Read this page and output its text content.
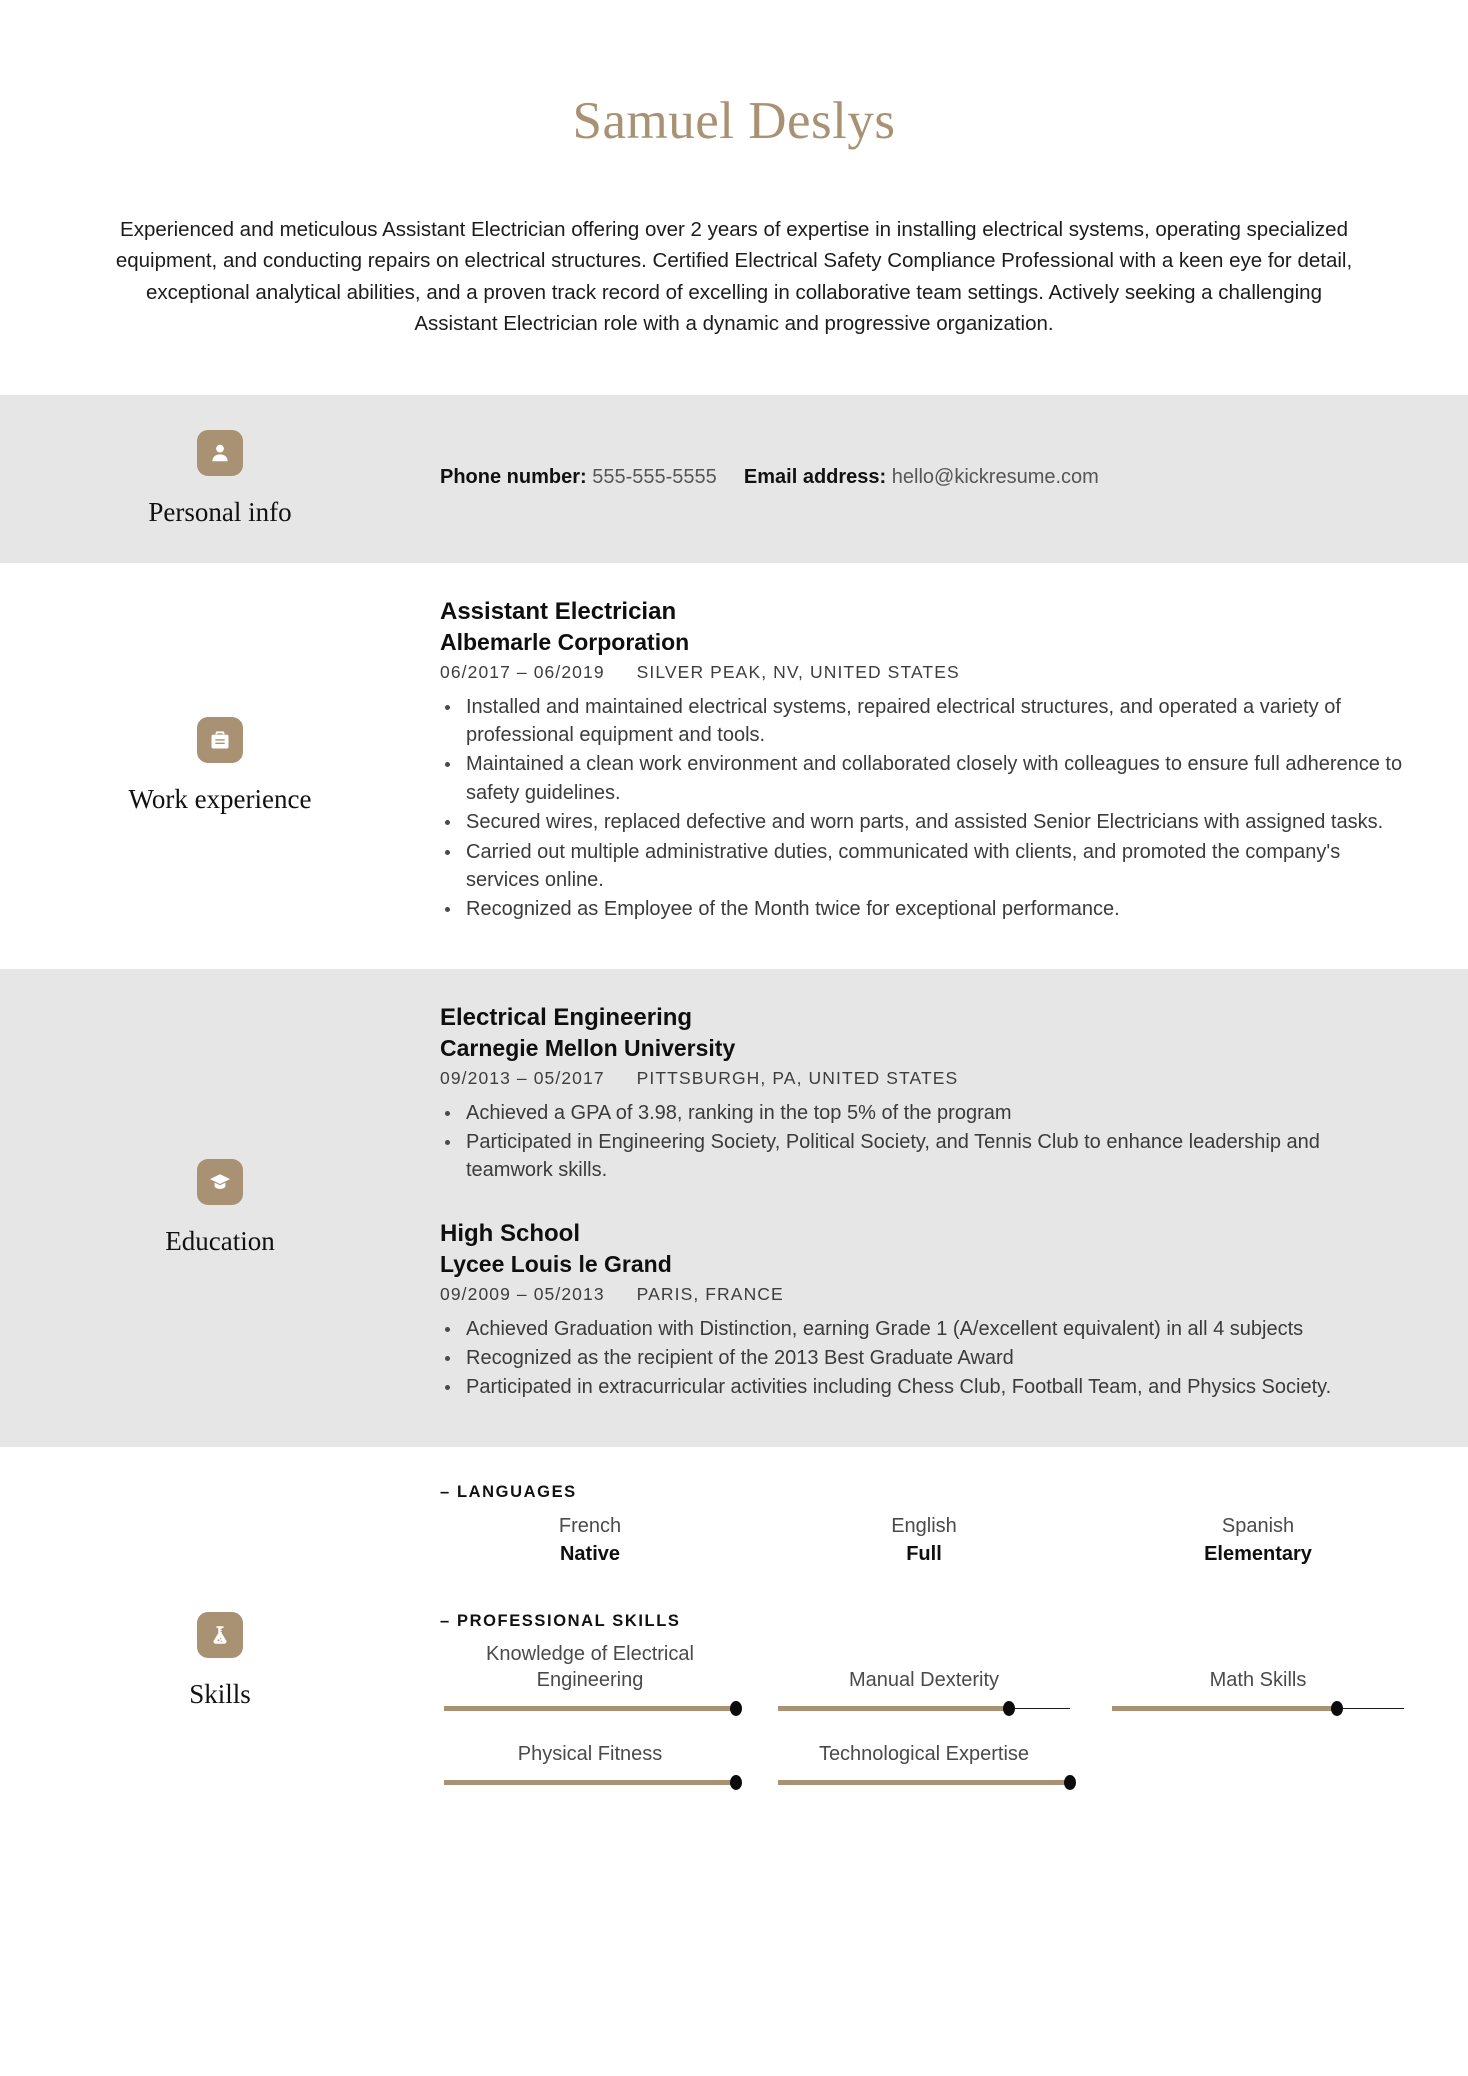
Samuel Deslys

Experienced and meticulous Assistant Electrician offering over 2 years of expertise in installing electrical systems, operating specialized equipment, and conducting repairs on electrical structures. Certified Electrical Safety Compliance Professional with a keen eye for detail, exceptional analytical abilities, and a proven track record of excelling in collaborative team settings. Actively seeking a challenging Assistant Electrician role with a dynamic and progressive organization.

Personal info
Phone number: 555-555-5555 Email address: hello@kickresume.com
Work experience
Assistant Electrician
Albemarle Corporation
06/2017 – 06/2019 SILVER PEAK, NV, UNITED STATES
Installed and maintained electrical systems, repaired electrical structures, and operated a variety of professional equipment and tools.
Maintained a clean work environment and collaborated closely with colleagues to ensure full adherence to safety guidelines.
Secured wires, replaced defective and worn parts, and assisted Senior Electricians with assigned tasks.
Carried out multiple administrative duties, communicated with clients, and promoted the company's services online.
Recognized as Employee of the Month twice for exceptional performance.
Education
Electrical Engineering
Carnegie Mellon University
09/2013 – 05/2017 PITTSBURGH, PA, UNITED STATES
Achieved a GPA of 3.98, ranking in the top 5% of the program
Participated in Engineering Society, Political Society, and Tennis Club to enhance leadership and teamwork skills.
High School
Lycee Louis le Grand
09/2009 – 05/2013 PARIS, FRANCE
Achieved Graduation with Distinction, earning Grade 1 (A/excellent equivalent) in all 4 subjects
Recognized as the recipient of the 2013 Best Graduate Award
Participated in extracurricular activities including Chess Club, Football Team, and Physics Society.
Skills
– LANGUAGES
French
Native
English
Full
Spanish
Elementary
– PROFESSIONAL SKILLS
Knowledge of Electrical Engineering	Manual Dexterity	Math Skills
Physical Fitness	Technological Expertise
